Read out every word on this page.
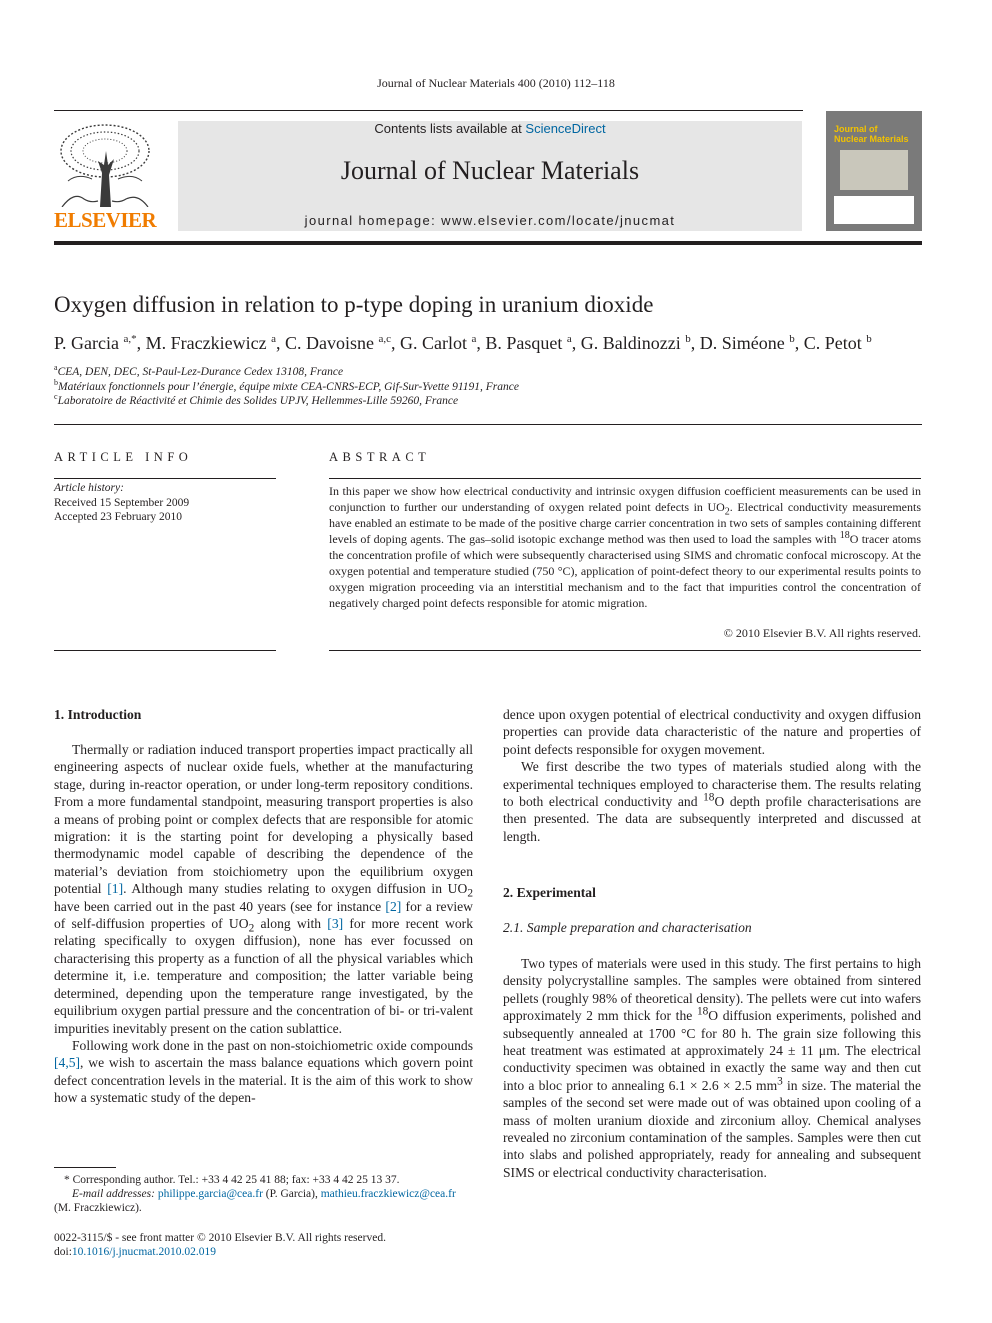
Journal of Nuclear Materials 400 (2010) 112–118
ELSEVIER
Contents lists available at ScienceDirect
Journal of Nuclear Materials
journal homepage: www.elsevier.com/locate/jnucmat
Journal of
Nuclear Materials
Oxygen diffusion in relation to p-type doping in uranium dioxide
P. Garcia $^{a,*}$, M. Fraczkiewicz $^a$, C. Davoisne $^{a,c}$, G. Carlot $^a$, B. Pasquet $^a$, G. Baldinozzi $^b$, D. Siméone $^b$, C. Petot $^b$
$^a$CEA, DEN, DEC, St-Paul-Lez-Durance Cedex 13108, France
$^b$Matériaux fonctionnels pour l’énergie, équipe mixte CEA-CNRS-ECP, Gif-Sur-Yvette 91191, France
$^c$Laboratoire de Réactivité et Chimie des Solides UPJV, Hellemmes-Lille 59260, France
ARTICLE INFO
Article history:
Received 15 September 2009
Accepted 23 February 2010
ABSTRACT
In this paper we show how electrical conductivity and intrinsic oxygen diffusion coefficient measurements can be used in conjunction to further our understanding of oxygen related point defects in $UO_2$. Electrical conductivity measurements have enabled an estimate to be made of the positive charge carrier concentration in two sets of samples containing different levels of doping agents. The gas–solid isotopic exchange method was then used to load the samples with $^{18}$O tracer atoms the concentration profile of which were subsequently characterised using SIMS and chromatic confocal microscopy. At the oxygen potential and temperature studied (750 °C), application of point-defect theory to our experimental results points to oxygen migration proceeding via an interstitial mechanism and to the fact that impurities control the concentration of negatively charged point defects responsible for atomic migration.
© 2010 Elsevier B.V. All rights reserved.
1. Introduction

Thermally or radiation induced transport properties impact practically all engineering aspects of nuclear oxide fuels, whether at the manufacturing stage, during in-reactor operation, or under long-term repository conditions. From a more fundamental standpoint, measuring transport properties is also a means of probing point or complex defects that are responsible for atomic migration: it is the starting point for developing a physically based thermodynamic model capable of describing the dependence of the material’s deviation from stoichiometry upon the equilibrium oxygen potential [1]. Although many studies relating to oxygen diffusion in $UO_2$ have been carried out in the past 40 years (see for instance [2] for a review of self-diffusion properties of $UO_2$ along with [3] for more recent work relating specifically to oxygen diffusion), none has ever focussed on characterising this property as a function of all the physical variables which determine it, i.e. temperature and composition; the latter variable being determined, depending upon the temperature range investigated, by the equilibrium oxygen partial pressure and the concentration of bi- or tri-valent impurities inevitably present on the cation sublattice.

Following work done in the past on non-stoichiometric oxide compounds [4,5], we wish to ascertain the mass balance equations which govern point defect concentration levels in the material. It is the aim of this work to show how a systematic study of the depen-

* Corresponding author. Tel.: +33 4 42 25 41 88; fax: +33 4 42 25 13 37.
E-mail addresses: philippe.garcia@cea.fr (P. Garcia), mathieu.fraczkiewicz@cea.fr
(M. Fraczkiewicz).
0022-3115/$ - see front matter © 2010 Elsevier B.V. All rights reserved.
doi:10.1016/j.jnucmat.2010.02.019

dence upon oxygen potential of electrical conductivity and oxygen diffusion properties can provide data characteristic of the nature and properties of point defects responsible for oxygen movement.

We first describe the two types of materials studied along with the experimental techniques employed to characterise them. The results relating to both electrical conductivity and $^{18}$O depth profile characterisations are then presented. The data are subsequently interpreted and discussed at length.

2. Experimental
2.1. Sample preparation and characterisation

Two types of materials were used in this study. The first pertains to high density polycrystalline samples. The samples were obtained from sintered pellets (roughly 98% of theoretical density). The pellets were cut into wafers approximately 2 mm thick for the $^{18}$O diffusion experiments, polished and subsequently annealed at 1700 °C for 80 h. The grain size following this heat treatment was estimated at approximately 24 ± 11 μm. The electrical conductivity specimen was obtained in exactly the same way and then cut into a bloc prior to annealing 6.1 × 2.6 × 2.5 $mm^3$ in size. The material the samples of the second set were made out of was obtained upon cooling of a mass of molten uranium dioxide and zirconium alloy. Chemical analyses revealed no zirconium contamination of the samples. Samples were then cut into slabs and polished appropriately, ready for annealing and subsequent SIMS or electrical conductivity characterisation.
